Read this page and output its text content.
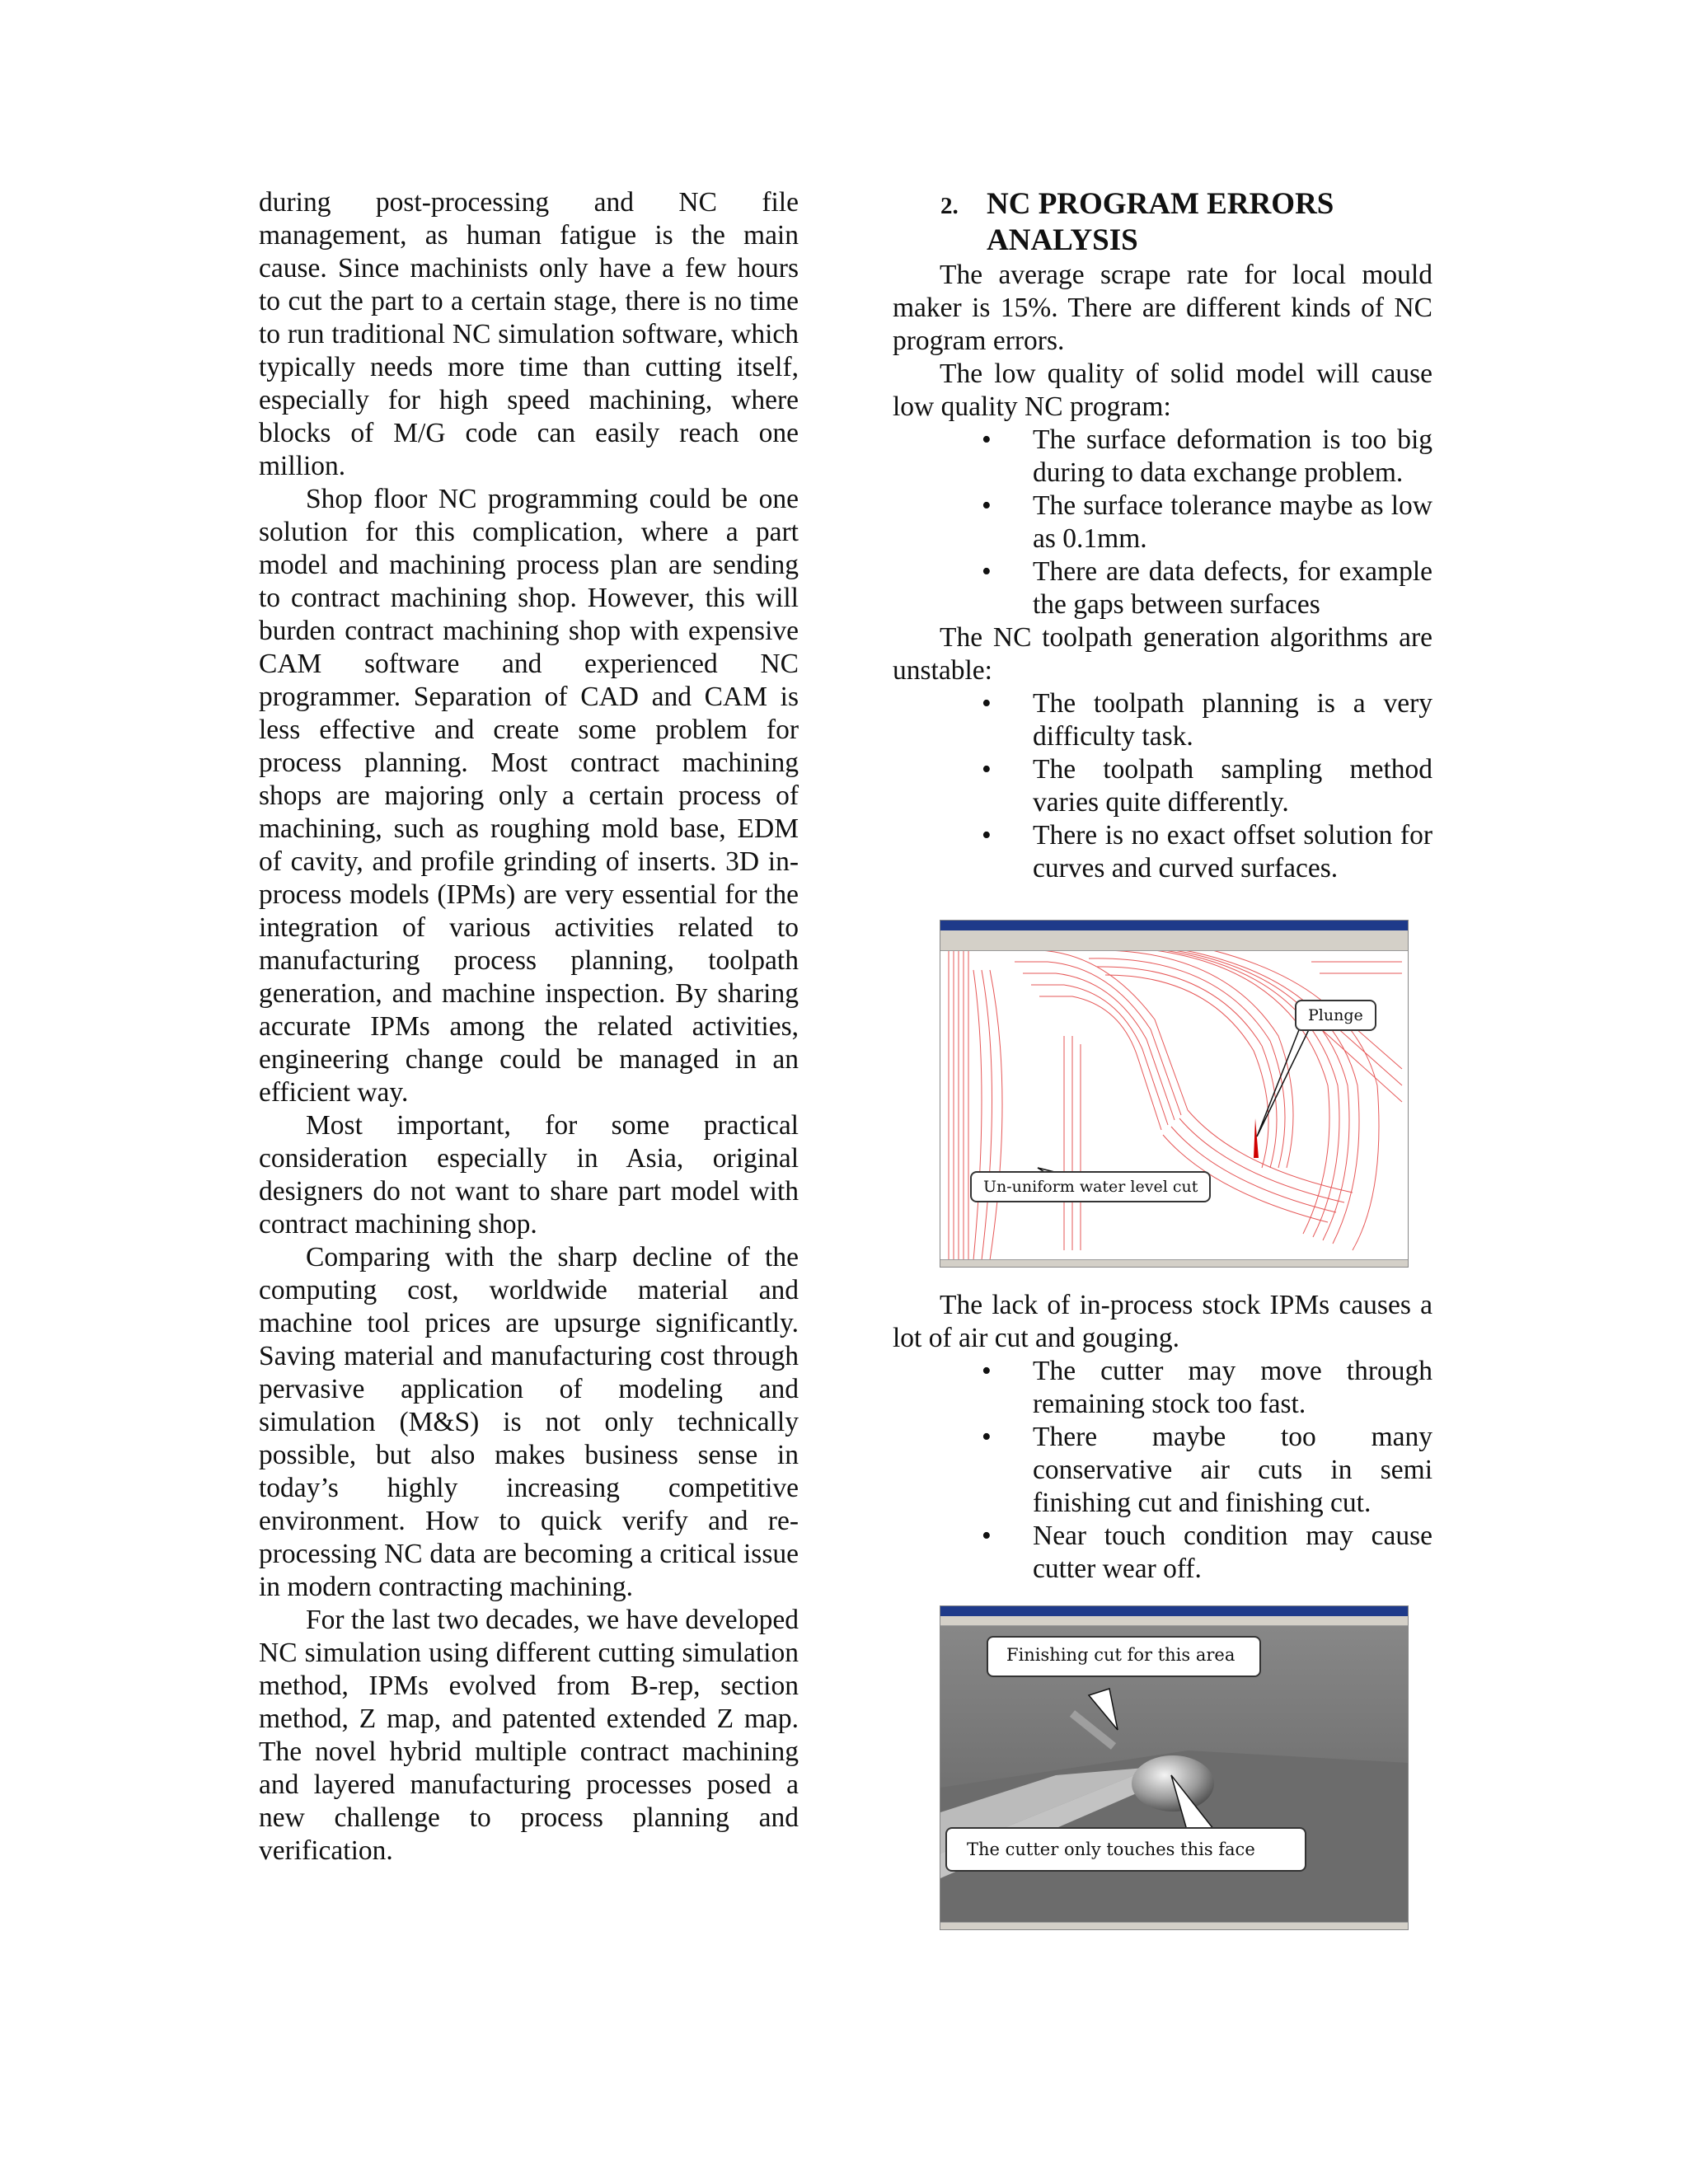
during post-processing and NC file management, as human fatigue is the main cause. Since machinists only have a few hours to cut the part to a certain stage, there is no time to run traditional NC simulation software, which typically needs more time than cutting itself, especially for high speed machining, where blocks of M/G code can easily reach one million.

Shop floor NC programming could be one solution for this complication, where a part model and machining process plan are sending to contract machining shop. However, this will burden contract machining shop with expensive CAM software and experienced NC programmer. Separation of CAD and CAM is less effective and create some problem for process planning. Most contract machining shops are majoring only a certain process of machining, such as roughing mold base, EDM of cavity, and profile grinding of inserts. 3D in-process models (IPMs) are very essential for the integration of various activities related to manufacturing process planning, toolpath generation, and machine inspection. By sharing accurate IPMs among the related activities, engineering change could be managed in an efficient way.

Most important, for some practical consideration especially in Asia, original designers do not want to share part model with contract machining shop.

Comparing with the sharp decline of the computing cost, worldwide material and machine tool prices are upsurge significantly. Saving material and manufacturing cost through pervasive application of modeling and simulation (M&S) is not only technically possible, but also makes business sense in today’s highly increasing competitive environment. How to quick verify and re-processing NC data are becoming a critical issue in modern contracting machining.

For the last two decades, we have developed NC simulation using different cutting simulation method, IPMs evolved from B-rep, section method, Z map, and patented extended Z map. The novel hybrid multiple contract machining and layered manufacturing processes posed a new challenge to process planning and verification.

2. NC PROGRAM ERRORS ANALYSIS

The average scrape rate for local mould maker is 15%. There are different kinds of NC program errors.

The low quality of solid model will cause low quality NC program:

• The surface deformation is too big during to data exchange problem.
• The surface tolerance maybe as low as 0.1mm.
• There are data defects, for example the gaps between surfaces

The NC toolpath generation algorithms are unstable:

• The toolpath planning is a very difficulty task.
• The toolpath sampling method varies quite differently.
• There is no exact offset solution for curves and curved surfaces.
Plunge
Un-uniform water level cut

The lack of in-process stock IPMs causes a lot of air cut and gouging.

• The cutter may move through remaining stock too fast.
• There maybe too many conservative air cuts in semi finishing cut and finishing cut.
• Near touch condition may cause cutter wear off.
Finishing cut for this area
The cutter only touches this face
